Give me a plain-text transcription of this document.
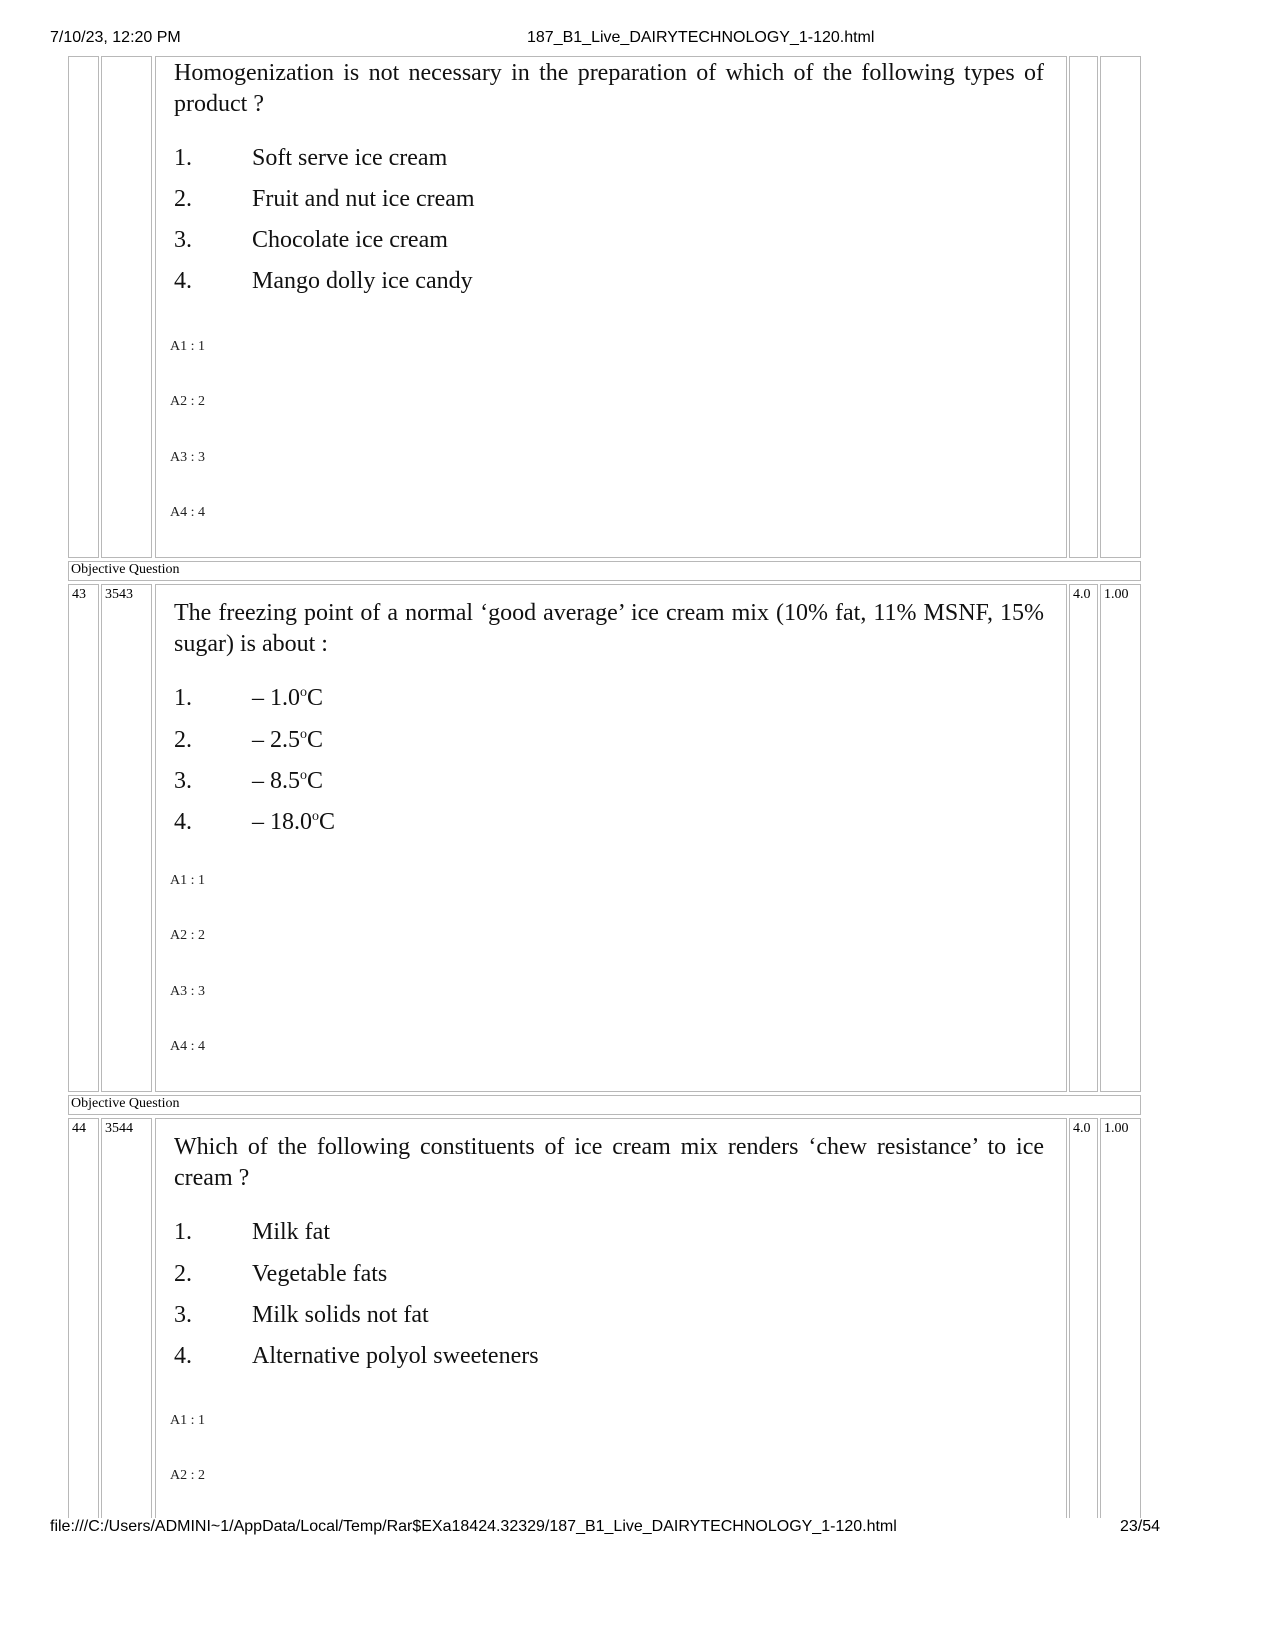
7/10/23, 12:20 PM	187_B1_Live_DAIRYTECHNOLOGY_1-120.html
Homogenization is not necessary in the preparation of which of the following types of product ?
1.	Soft serve ice cream
2.	Fruit and nut ice cream
3.	Chocolate ice cream
4.	Mango dolly ice candy
A1 : 1
A2 : 2
A3 : 3
A4 : 4
Objective Question
43 3543	4.0 1.00
The freezing point of a normal ‘good average’ ice cream mix (10% fat, 11% MSNF, 15% sugar) is about :
1.	– 1.0$^o$C
2.	– 2.5$^o$C
3.	– 8.5$^o$C
4.	– 18.0$^o$C
A1 : 1
A2 : 2
A3 : 3
A4 : 4
Objective Question
44 3544	4.0 1.00
Which of the following constituents of ice cream mix renders ‘chew resistance’ to ice cream ?
1.	Milk fat
2.	Vegetable fats
3.	Milk solids not fat
4.	Alternative polyol sweeteners
A1 : 1
A2 : 2
file:///C:/Users/ADMINI~1/AppData/Local/Temp/Rar$EXa18424.32329/187_B1_Live_DAIRYTECHNOLOGY_1-120.html	23/54
